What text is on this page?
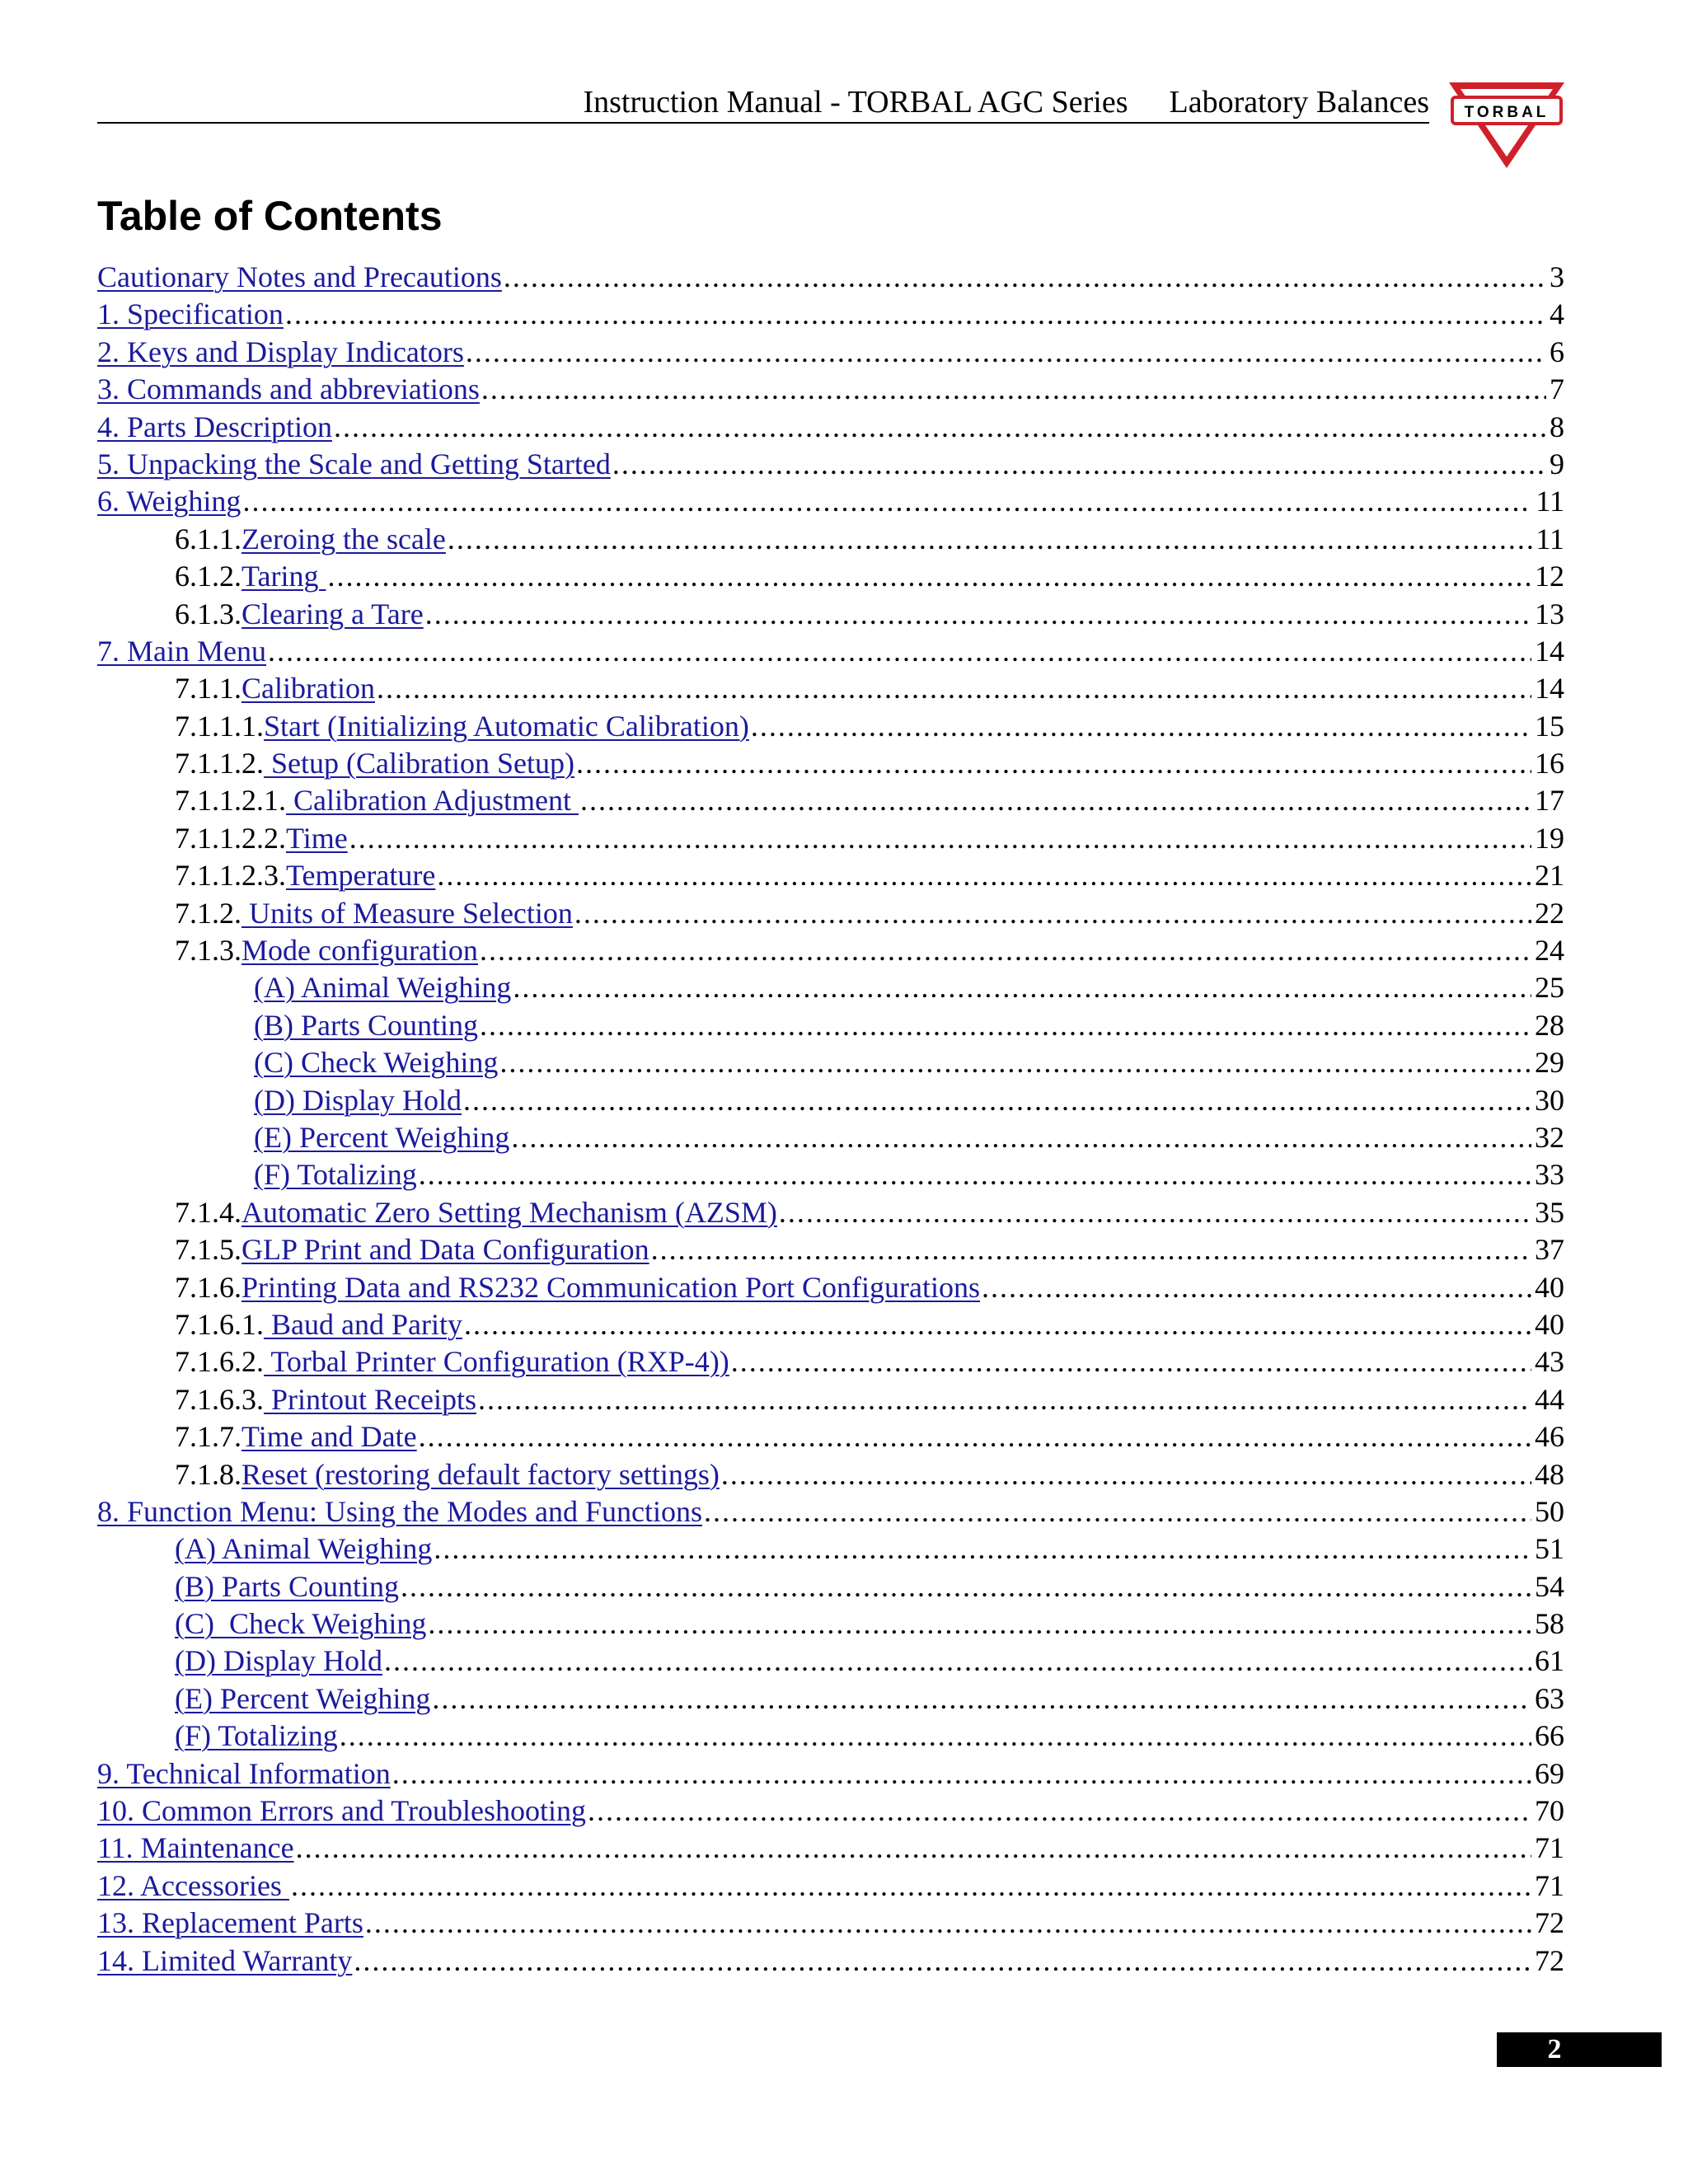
Instruction Manual - TORBAL AGC Series Laboratory Balances TORBAL
Table of Contents
Cautionary Notes and Precautions .....	3
1. Specification .....	4
2. Keys and Display Indicators .....	6
3. Commands and abbreviations .....	7
4. Parts Description .....	8
5. Unpacking the Scale and Getting Started .....	9
6. Weighing .....	11
6.1.1. Zeroing the scale .....	11
6.1.2. Taring .....	12
6.1.3. Clearing a Tare .....	13
7. Main Menu .....	14
7.1.1. Calibration .....	14
7.1.1.1. Start (Initializing Automatic Calibration) .....	15
7.1.1.2. Setup (Calibration Setup) .....	16
7.1.1.2.1. Calibration Adjustment .....	17
7.1.1.2.2. Time .....	19
7.1.1.2.3. Temperature .....	21
7.1.2. Units of Measure Selection .....	22
7.1.3. Mode configuration .....	24
(A) Animal Weighing .....	25
(B) Parts Counting .....	28
(C) Check Weighing .....	29
(D) Display Hold .....	30
(E) Percent Weighing .....	32
(F) Totalizing .....	33
7.1.4. Automatic Zero Setting Mechanism (AZSM) .....	35
7.1.5. GLP Print and Data Configuration .....	37
7.1.6. Printing Data and RS232 Communication Port Configurations .....	40
7.1.6.1. Baud and Parity .....	40
7.1.6.2. Torbal Printer Configuration (RXP-4)) .....	43
7.1.6.3. Printout Receipts .....	44
7.1.7. Time and Date .....	46
7.1.8. Reset (restoring default factory settings) .....	48
8. Function Menu: Using the Modes and Functions .....	50
(A) Animal Weighing .....	51
(B) Parts Counting .....	54
(C)  Check Weighing .....	58
(D) Display Hold .....	61
(E) Percent Weighing .....	63
(F) Totalizing .....	66
9. Technical Information .....	69
10. Common Errors and Troubleshooting .....	70
11. Maintenance .....	71
12. Accessories .....	71
13. Replacement Parts .....	72
14. Limited Warranty .....	72
2
